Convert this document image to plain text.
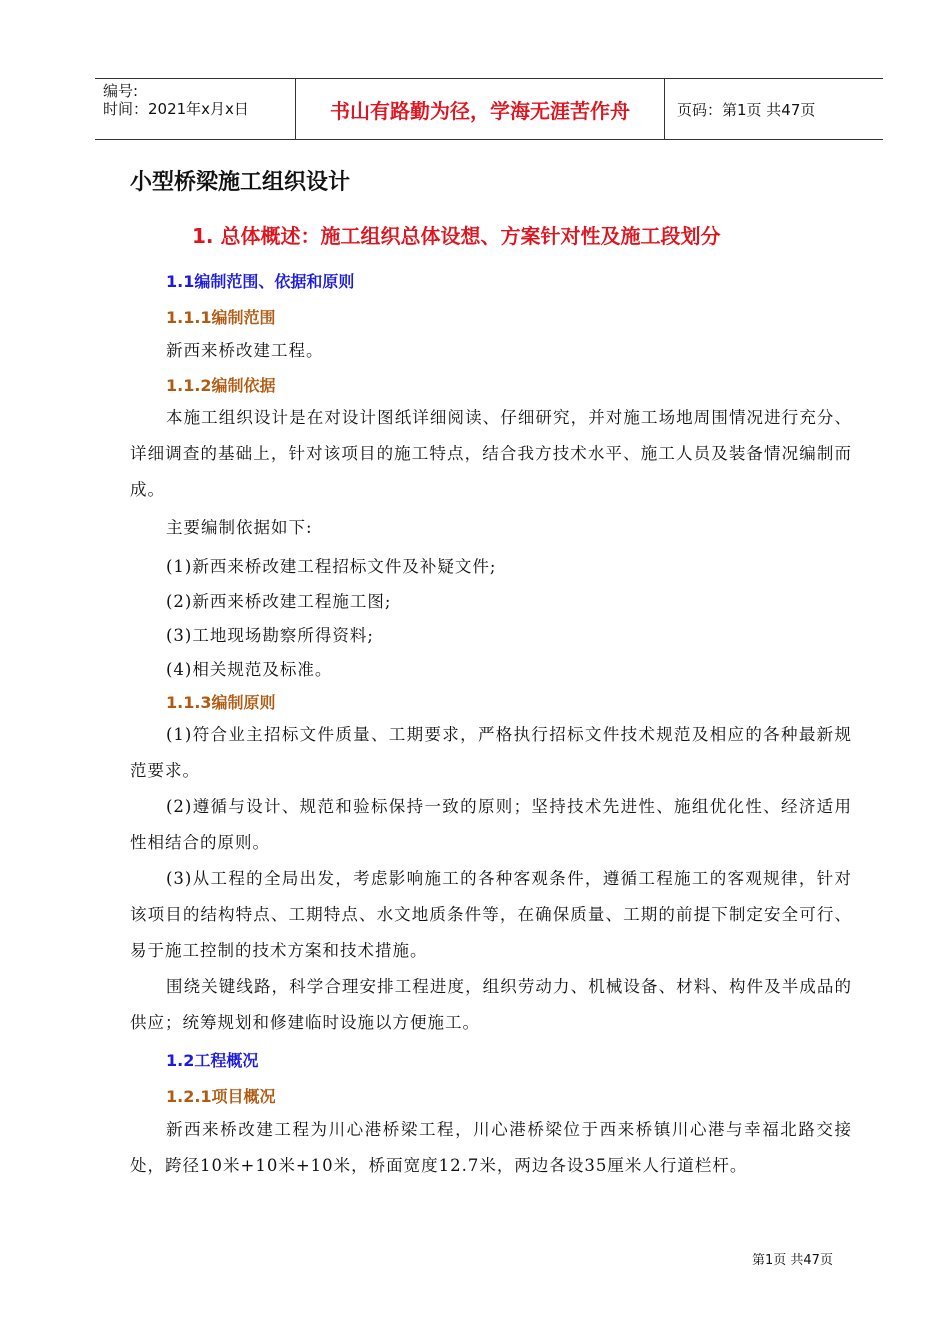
编号:
时间：2021年x月x日	书山有路勤为径，学海无涯苦作舟	页码：第1页 共47页
小型桥梁施工组织设计
1. 总体概述：施工组织总体设想、方案针对性及施工段划分
1.1编制范围、依据和原则
1.1.1编制范围
新西来桥改建工程。
1.1.2编制依据
本施工组织设计是在对设计图纸详细阅读、仔细研究，并对施工场地周围情况进行充分、详细调查的基础上，针对该项目的施工特点，结合我方技术水平、施工人员及装备情况编制而成。
主要编制依据如下:
(1)新西来桥改建工程招标文件及补疑文件;
(2)新西来桥改建工程施工图;
(3)工地现场勘察所得资料;
(4)相关规范及标准。
1.1.3编制原则
(1)符合业主招标文件质量、工期要求，严格执行招标文件技术规范及相应的各种最新规范要求。
(2)遵循与设计、规范和验标保持一致的原则；坚持技术先进性、施组优化性、经济适用性相结合的原则。
(3)从工程的全局出发，考虑影响施工的各种客观条件，遵循工程施工的客观规律，针对该项目的结构特点、工期特点、水文地质条件等，在确保质量、工期的前提下制定安全可行、易于施工控制的技术方案和技术措施。
围绕关键线路，科学合理安排工程进度，组织劳动力、机械设备、材料、构件及半成品的供应；统筹规划和修建临时设施以方便施工。
1.2工程概况
1.2.1项目概况
新西来桥改建工程为川心港桥梁工程，川心港桥梁位于西来桥镇川心港与幸福北路交接处，跨径10米+10米+10米，桥面宽度12.7米，两边各设35厘米人行道栏杆。
第1页 共47页
